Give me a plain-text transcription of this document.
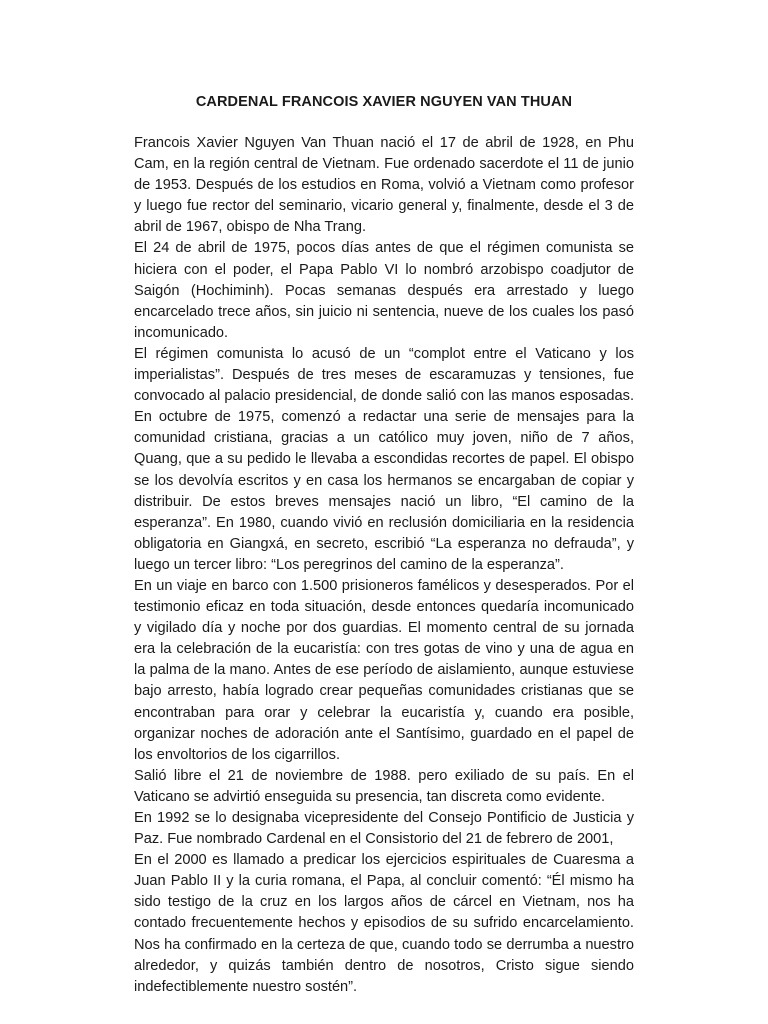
CARDENAL FRANCOIS XAVIER NGUYEN VAN THUAN

Francois Xavier Nguyen Van Thuan nació el 17 de abril de 1928, en Phu Cam, en la región central de Vietnam. Fue ordenado sacerdote el 11 de junio de 1953. Después de los estudios en Roma, volvió a Vietnam como profesor y luego fue rector del seminario, vicario general y, finalmente, desde el 3 de abril de 1967, obispo de Nha Trang.

El 24 de abril de 1975, pocos días antes de que el régimen comunista se hiciera con el poder, el Papa Pablo VI lo nombró arzobispo coadjutor de Saigón (Hochiminh). Pocas semanas después era arrestado y luego encarcelado trece años, sin juicio ni sentencia, nueve de los cuales los pasó incomunicado.

El régimen comunista lo acusó de un “complot entre el Vaticano y los imperialistas”. Después de tres meses de escaramuzas y tensiones, fue convocado al palacio presidencial, de donde salió con las manos esposadas. En octubre de 1975, comenzó a redactar una serie de mensajes para la comunidad cristiana, gracias a un católico muy joven, niño de 7 años, Quang, que a su pedido le llevaba a escondidas recortes de papel. El obispo se los devolvía escritos y en casa los hermanos se encargaban de copiar y distribuir. De estos breves mensajes nació un libro, “El camino de la esperanza”. En 1980, cuando vivió en reclusión domiciliaria en la residencia obligatoria en Giangxá, en secreto, escribió “La esperanza no defrauda”, y luego un tercer libro: “Los peregrinos del camino de la esperanza”.

En un viaje en barco con 1.500 prisioneros famélicos y desesperados. Por el testimonio eficaz en toda situación, desde entonces quedaría incomunicado y vigilado día y noche por dos guardias. El momento central de su jornada era la celebración de la eucaristía: con tres gotas de vino y una de agua en la palma de la mano. Antes de ese período de aislamiento, aunque estuviese bajo arresto, había logrado crear pequeñas comunidades cristianas que se encontraban para orar y celebrar la eucaristía y, cuando era posible, organizar noches de adoración ante el Santísimo, guardado en el papel de los envoltorios de los cigarrillos.

Salió libre el 21 de noviembre de 1988. pero exiliado de su país. En el Vaticano se advirtió enseguida su presencia, tan discreta como evidente.

En 1992 se lo designaba vicepresidente del Consejo Pontificio de Justicia y Paz. Fue nombrado Cardenal en el Consistorio del 21 de febrero de 2001,

En el 2000 es llamado a predicar los ejercicios espirituales de Cuaresma a Juan Pablo II y la curia romana, el Papa, al concluir comentó: “Él mismo ha sido testigo de la cruz en los largos años de cárcel en Vietnam, nos ha contado frecuentemente hechos y episodios de su sufrido encarcelamiento. Nos ha confirmado en la certeza de que, cuando todo se derrumba a nuestro alrededor, y quizás también dentro de nosotros, Cristo sigue siendo indefectiblemente nuestro sostén”.
